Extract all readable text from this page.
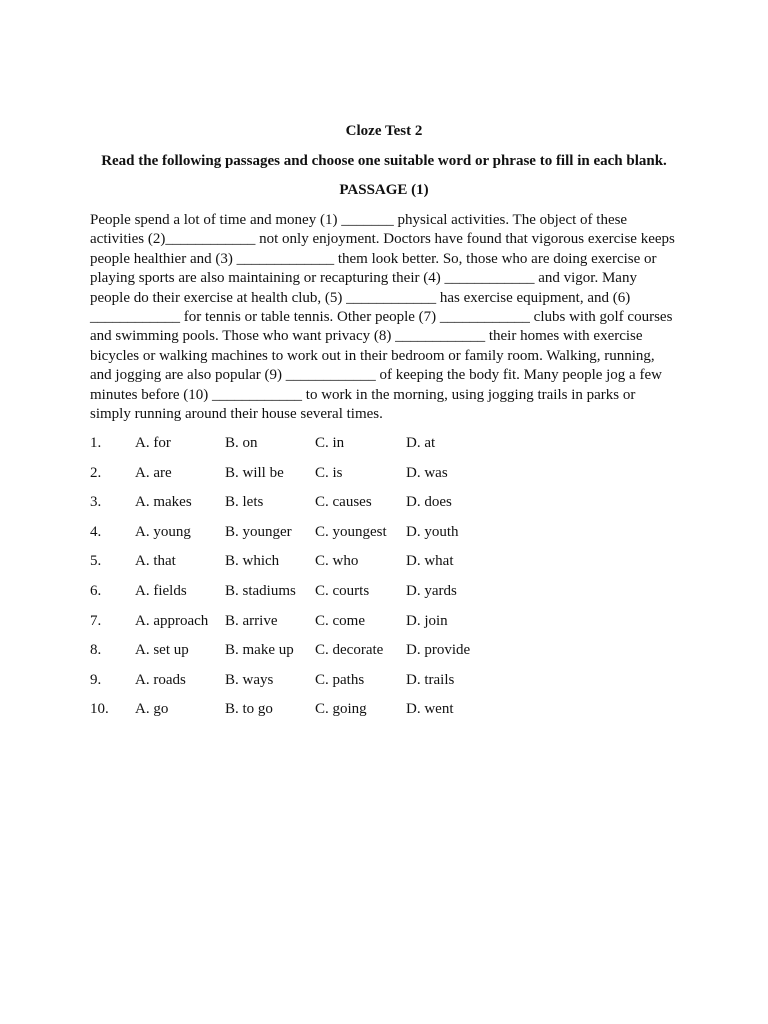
Cloze Test 2
Read the following passages and choose one suitable word or phrase to fill in each blank.
PASSAGE (1)
People spend a lot of time and money (1) _______ physical activities. The object of these
activities (2)____________ not only enjoyment. Doctors have found that vigorous exercise keeps
people healthier and (3) _____________ them look better. So, those who are doing exercise or
playing sports are also maintaining or recapturing their (4) ____________ and vigor. Many
people do their exercise at health club, (5) ____________ has exercise equipment, and (6)
____________ for tennis or table tennis. Other people (7) ____________ clubs with golf courses
and swimming pools. Those who want privacy (8) ____________ their homes with exercise
bicycles or walking machines to work out in their bedroom or family room. Walking, running,
and jogging are also popular (9) ____________ of keeping the body fit. Many people jog a few
minutes before (10) ____________ to work in the morning, using jogging trails in parks or
simply running around their house several times.
1. A. for	B. on	C. in	D. at
2. A. are	B. will be C. is	D. was
3. A. makes B. lets	C. causes D. does
4. A. young B. younger C. youngest D. youth
5. A. that	B. which C. who	D. what
6. A. fields	B. stadiums C. courts D. yards
7. A. approach B. arrive	C. come	D. join
8. A. set up B. make up C. decorate D. provide
9. A. roads	B. ways	C. paths	D. trails
10. A. go	B. to go	C. going	D. went
